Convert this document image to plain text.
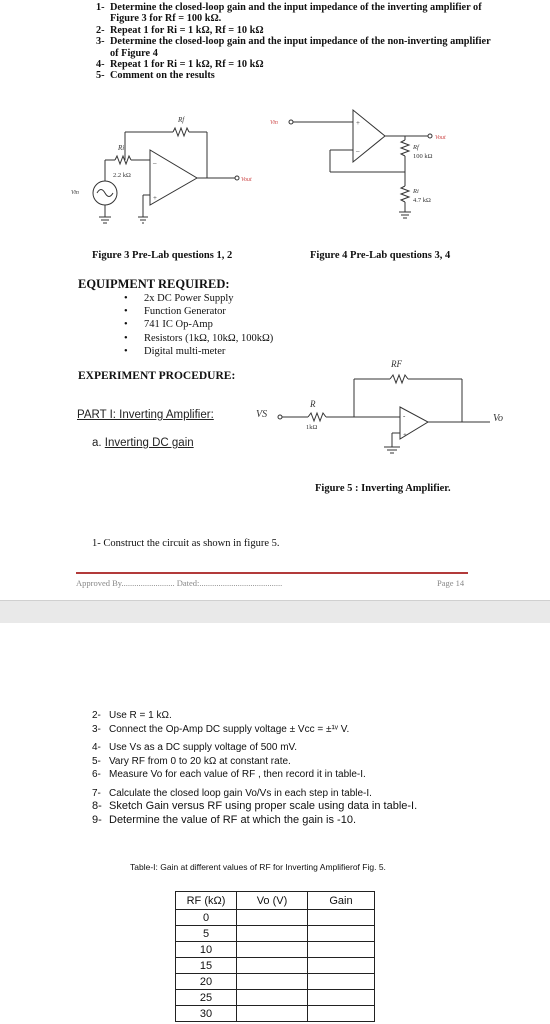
1- Determine the closed-loop gain and the input impedance of the inverting amplifier of Figure 3 for Rf = 100 kΩ.
2- Repeat 1 for Ri = 1 kΩ, Rf = 10 kΩ
3- Determine the closed-loop gain and the input impedance of the non-inverting amplifier of Figure 4
4- Repeat 1 for Ri = 1 kΩ, Rf = 10 kΩ
5- Comment on the results
–
+
Rf
Ri
2.2 kΩ
Vin
Vout
+
–
Vin
Vout
Rf
100 kΩ
Ri
4.7 kΩ
Figure 3 Pre-Lab questions 1, 2	Figure 4 Pre-Lab questions 3, 4
EQUIPMENT REQUIRED:
• 2x DC Power Supply
• Function Generator
• 741 IC Op-Amp
• Resistors (1kΩ, 10kΩ, 100kΩ)
• Digital multi-meter
EXPERIMENT PROCEDURE:
PART I: Inverting Amplifier:
a. Inverting DC gain
-
+
VS
R
1kΩ
RF
Vo
Figure 5 : Inverting Amplifier.
1- Construct the circuit as shown in figure 5.
Approved By......................... Dated:.......................................	Page 14
2- Use R = 1 kΩ.
3- Connect the Op-Amp DC supply voltage ± Vcc = ±¹ᵛ V.
4- Use Vs as a DC supply voltage of 500 mV.
5- Vary RF from 0 to 20 kΩ at constant rate.
6- Measure Vo for each value of RF , then record it in table-I.
7- Calculate the closed loop gain Vo/Vs in each step in table-I.
8- Sketch Gain versus RF using proper scale using data in table-I.
9- Determine the value of RF at which the gain is -10.
Table-I: Gain at different values of RF for Inverting Amplifierof Fig. 5.
RF (kΩ)	Vo (V)	Gain
0		
5		
10		
15		
20		
25		
30		
